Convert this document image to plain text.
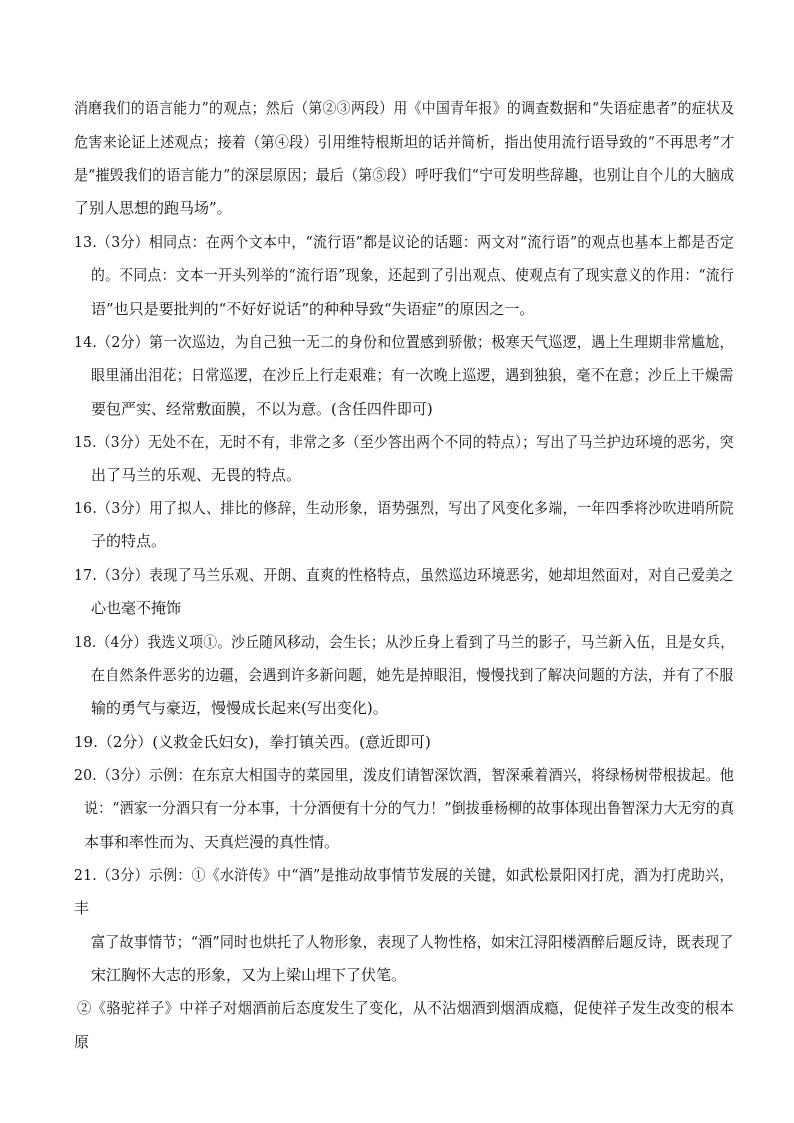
消磨我们的语言能力”的观点；然后（第②③两段）用《中国青年报》的调查数据和“失语症患者”的症状及
危害来论证上述观点；接着（第④段）引用维特根斯坦的话并简析，指出使用流行语导致的“不再思考”才
是“摧毁我们的语言能力”的深层原因；最后（第⑤段）呼吁我们“宁可发明些辞趣，也别让自个儿的大脑成
了别人思想的跑马场”。
13.（3分）相同点：在两个文本中，“流行语”都是议论的话题：两文对“流行语”的观点也基本上都是否定
的。不同点：文本一开头列举的“流行语”现象，还起到了引出观点、使观点有了现实意义的作用：“流行
语”也只是要批判的“不好好说话”的种种导致“失语症”的原因之一。
14.（2分）第一次巡边，为自己独一无二的身份和位置感到骄傲；极寒天气巡逻，遇上生理期非常尴尬，
眼里涌出泪花；日常巡逻，在沙丘上行走艰难；有一次晚上巡逻，遇到独狼，毫不在意；沙丘上干燥需
要包严实、经常敷面膜，不以为意。(含任四件即可)
15.（3分）无处不在，无时不有，非常之多（至少答出两个不同的特点）；写出了马兰护边环境的恶劣，突
出了马兰的乐观、无畏的特点。
16.（3分）用了拟人、排比的修辞，生动形象，语势强烈，写出了风变化多端，一年四季将沙吹进哨所院
子的特点。
17.（3分）表现了马兰乐观、开朗、直爽的性格特点，虽然巡边环境恶劣，她却坦然面对，对自己爱美之
心也毫不掩饰
18.（4分）我选义项①。沙丘随风移动，会生长；从沙丘身上看到了马兰的影子，马兰新入伍，且是女兵，
在自然条件恶劣的边疆，会遇到许多新问题，她先是掉眼泪，慢慢找到了解决问题的方法，并有了不服
输的勇气与豪迈，慢慢成长起来(写出变化)。
19.（2分）(义救金氏妇女)，拳打镇关西。(意近即可)
20.（3分）示例：在东京大相国寺的菜园里，泼皮们请智深饮酒，智深乘着酒兴，将绿杨树带根拔起。他
说：“洒家一分酒只有一分本事，十分酒便有十分的气力！”倒拔垂杨柳的故事体现出鲁智深力大无穷的真
本事和率性而为、天真烂漫的真性情。
21.（3分）示例：①《水浒传》中“酒”是推动故事情节发展的关键，如武松景阳冈打虎，酒为打虎助兴，
丰
富了故事情节；“酒”同时也烘托了人物形象，表现了人物性格，如宋江浔阳楼酒醉后题反诗，既表现了
宋江胸怀大志的形象，又为上梁山埋下了伏笔。
②《骆驼祥子》中祥子对烟酒前后态度发生了变化，从不沾烟酒到烟酒成瘾，促使祥子发生改变的根本
原
